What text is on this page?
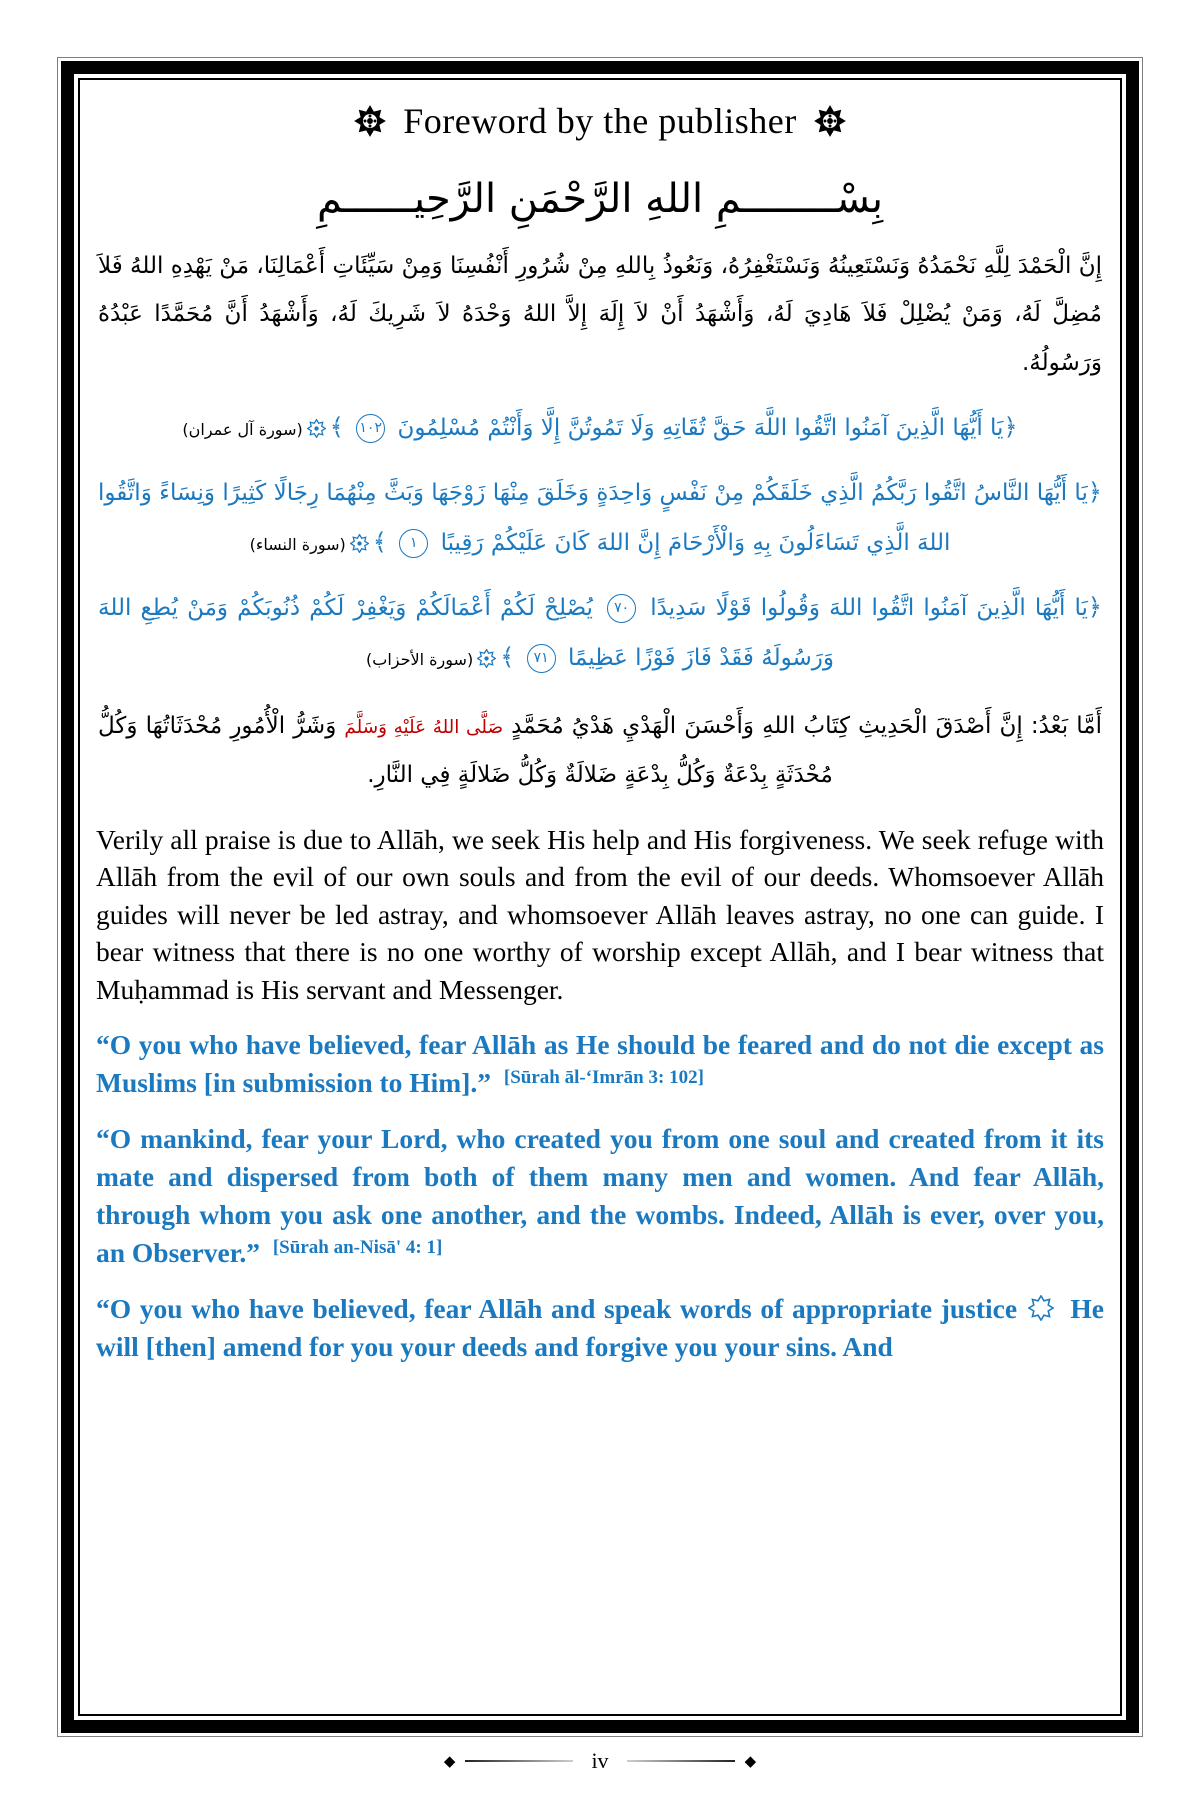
Foreword by the publisher
بِسْــــــــمِ اللهِ الرَّحْمَنِ الرَّحِيــــــمِ

إِنَّ الْحَمْدَ لِلَّهِ نَحْمَدُهُ وَنَسْتَعِينُهُ وَنَسْتَغْفِرُهُ، وَنَعُوذُ بِاللهِ مِنْ شُرُورِ أَنْفُسِنَا وَمِنْ سَيِّئَاتِ أَعْمَالِنَا، مَنْ يَهْدِهِ اللهُ فَلاَ مُضِلَّ لَهُ، وَمَنْ يُضْلِلْ فَلاَ هَادِيَ لَهُ، وَأَشْهَدُ أَنْ لاَ إِلَهَ إِلاَّ اللهُ وَحْدَهُ لاَ شَرِيكَ لَهُ، وَأَشْهَدُ أَنَّ مُحَمَّدًا عَبْدُهُ وَرَسُولُهُ.

﴿يَا أَيُّهَا الَّذِينَ آمَنُوا اتَّقُوا اللَّهَ حَقَّ تُقَاتِهِ وَلَا تَمُوتُنَّ إِلَّا وَأَنْتُمْ مُسْلِمُونَ ١٠٢ ﴾(سورة آل عمران)
﴿يَا أَيُّهَا النَّاسُ اتَّقُوا رَبَّكُمُ الَّذِي خَلَقَكُمْ مِنْ نَفْسٍ وَاحِدَةٍ وَخَلَقَ مِنْهَا زَوْجَهَا وَبَثَّ مِنْهُمَا رِجَالًا كَثِيرًا وَنِسَاءً وَاتَّقُوا اللهَ الَّذِي تَسَاءَلُونَ بِهِ وَالْأَرْحَامَ إِنَّ اللهَ كَانَ عَلَيْكُمْ رَقِيبًا ١ ﴾(سورة النساء)
﴿يَا أَيُّهَا الَّذِينَ آمَنُوا اتَّقُوا اللهَ وَقُولُوا قَوْلًا سَدِيدًا ٧٠ يُصْلِحْ لَكُمْ أَعْمَالَكُمْ وَيَغْفِرْ لَكُمْ ذُنُوبَكُمْ وَمَنْ يُطِعِ اللهَ وَرَسُولَهُ فَقَدْ فَازَ فَوْزًا عَظِيمًا ٧١ ﴾(سورة الأحزاب)

أَمَّا بَعْدُ: إِنَّ أَصْدَقَ الْحَدِيثِ كِتَابُ اللهِ وَأَحْسَنَ الْهَدْيِ هَدْيُ مُحَمَّدٍ صَلَّى اللهُ عَلَيْهِ وَسَلَّمَ وَشَرُّ الْأُمُورِ مُحْدَثَاتُهَا وَكُلُّ مُحْدَثَةٍ بِدْعَةٌ وَكُلُّ بِدْعَةٍ ضَلالَةٌ وَكُلُّ ضَلالَةٍ فِي النَّارِ.

Verily all praise is due to Allāh, we seek His help and His forgiveness. We seek refuge with Allāh from the evil of our own souls and from the evil of our deeds. Whomsoever Allāh guides will never be led astray, and whomsoever Allāh leaves astray, no one can guide. I bear witness that there is no one worthy of worship except Allāh, and I bear witness that Muḥammad is His servant and Messenger.

“O you who have believed, fear Allāh as He should be feared and do not die except as Muslims [in submission to Him].” [Sūrah āl-‘Imrān 3: 102]

“O mankind, fear your Lord, who created you from one soul and created from it its mate and dispersed from both of them many men and women. And fear Allāh, through whom you ask one another, and the wombs. Indeed, Allāh is ever, over you, an Observer.” [Sūrah an-Nisā' 4: 1]

“O you who have believed, fear Allāh and speak words of appropriate justice He will [then] amend for you your deeds and forgive you your sins. And

◆	iv	◆
